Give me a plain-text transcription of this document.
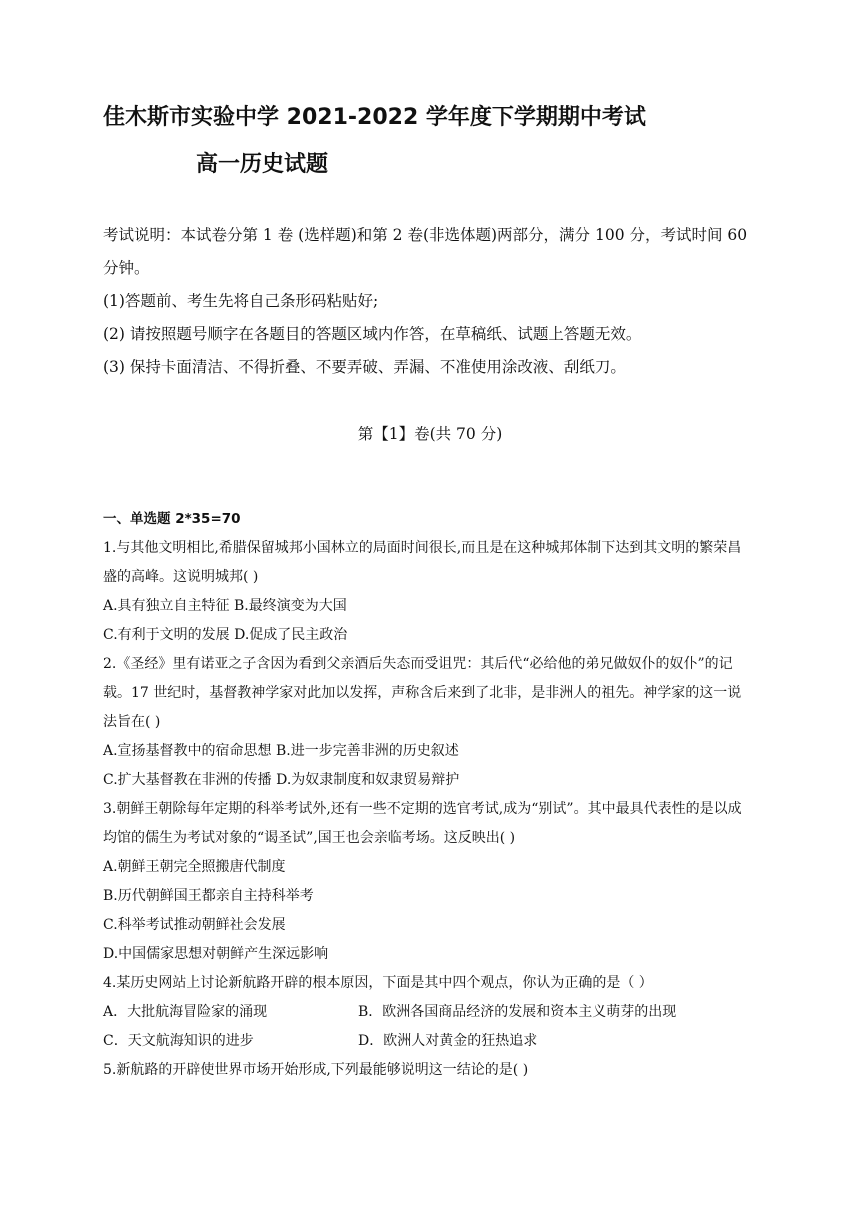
佳木斯市实验中学 2021-2022 学年度下学期期中考试
高一历史试题

考试说明：本试卷分第 1 卷 (选样题)和第 2 卷(非选体题)两部分，满分 100 分，考试时间 60 分钟。

(1)答题前、考生先将自己条形码粘贴好;

(2) 请按照题号顺字在各题目的答题区域内作答，在草稿纸、试题上答题无效。

(3) 保持卡面清洁、不得折叠、不要弄破、弄漏、不准使用涂改液、刮纸刀。

第【1】卷(共 70 分)

一、单选题 2*35=70

1.与其他文明相比,希腊保留城邦小国林立的局面时间很长,而且是在这种城邦体制下达到其文明的繁荣昌盛的高峰。这说明城邦( )

A.具有独立自主特征 B.最终演变为大国

C.有利于文明的发展 D.促成了民主政治

2.《圣经》里有诺亚之子含因为看到父亲酒后失态而受诅咒：其后代“必给他的弟兄做奴仆的奴仆”的记载。17 世纪时，基督教神学家对此加以发挥，声称含后来到了北非，是非洲人的祖先。神学家的这一说法旨在( )

A.宣扬基督教中的宿命思想 B.进一步完善非洲的历史叙述

C.扩大基督教在非洲的传播 D.为奴隶制度和奴隶贸易辩护

3.朝鲜王朝除每年定期的科举考试外,还有一些不定期的选官考试,成为“别试”。其中最具代表性的是以成均馆的儒生为考试对象的“谒圣试”,国王也会亲临考场。这反映出( )

A.朝鲜王朝完全照搬唐代制度

B.历代朝鲜国王都亲自主持科举考

C.科举考试推动朝鲜社会发展

D.中国儒家思想对朝鲜产生深远影响

4.某历史网站上讨论新航路开辟的根本原因，下面是其中四个观点，你认为正确的是（ ）

A．大批航海冒险家的涌现	B．欧洲各国商品经济的发展和资本主义萌芽的出现
C．天文航海知识的进步	D．欧洲人对黄金的狂热追求

5.新航路的开辟使世界市场开始形成,下列最能够说明这一结论的是( )
